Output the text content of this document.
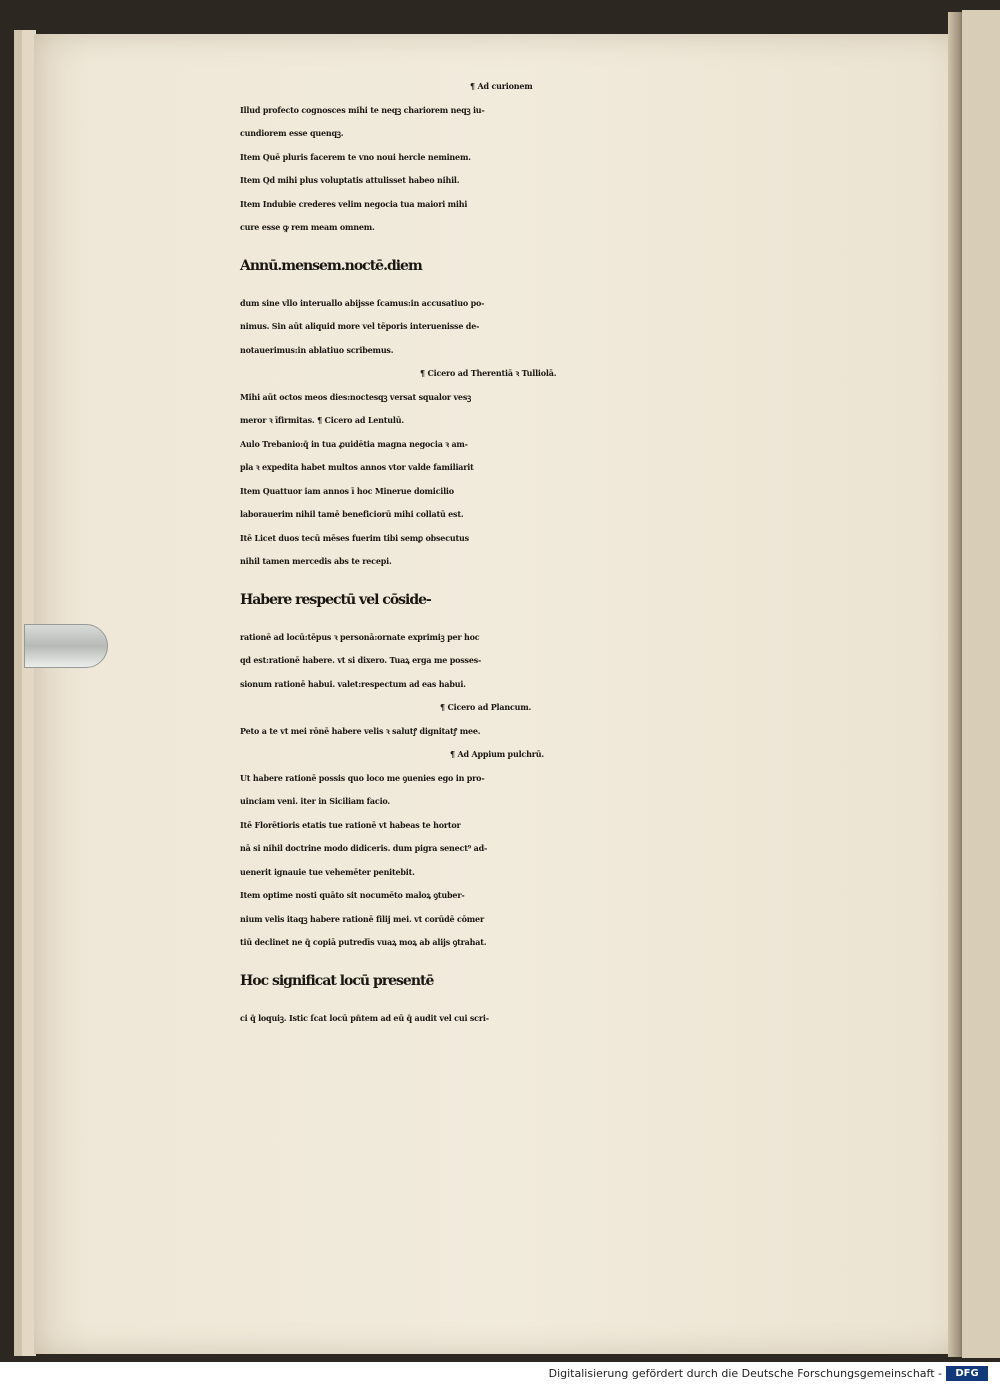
¶ Ad curionem
Illud profecto cognosces mihi te neqꝫ chariorem neqꝫ iu-
cundiorem esse quenqꝫ.
Item Quē pluris facerem te vno noui hercle neminem.
Item Qd mihi plus voluptatis attulisset habeo nihil.
Item Indubie crederes velim negocia tua maiori mihi
cure esse ꝙ rem meam omnem.
Annū.mensem.noctē.diem
dum sine vllo interuallo abijsse ſcamus:in accusatiuo po-
nimus. Sin aūt aliquid more vel tēporis interuenisse de-
notauerimus:in ablatiuo scribemus.
¶ Cicero ad Therentiā ꝛ Tulliolā.
Mihi aūt octos meos dies:noctesqꝫ versat squalor vesꝫ
meror ꝛ īfirmitas. ¶ Cicero ad Lentulū.
Aulo Trebanio:q̄ in tua ꝓuidētia magna negocia ꝛ am-
pla ꝛ expedita habet multos annos vtor valde familiarit
Item Quattuor iam annos ī hoc Minerue domicilio
laborauerim nihil tamē beneficiorū mihi collatū est.
Itē Licet duos tecū mēses fuerim tibi semꝑ obsecutus
nihil tamen mercedis abs te recepi.
Habere respectū vel cōside-
rationē ad locū:tēpus ꝛ personā:ornate exprimiꝫ per hoc
qd est:rationē habere. vt si dixero. Tuaꝝ erga me posses-
sionum rationē habui. valet:respectum ad eas habui.
¶ Cicero ad Plancum.
Peto a te vt mei rōnē habere velis ꝛ salutꝭ dignitatꝭ mee.
¶ Ad Appium pulchrū.
Ut habere rationē possis quo loco me ꝯuenies ego in pro-
uinciam veni. iter in Siciliam facio.
Itē Florētioris etatis tue rationē vt habeas te hortor
nā si nihil doctrine modo didiceris. dum pigra senect⁹ ad-
uenerit ignauie tue vehemēter penitebit.
Item optime nosti quāto sit nocumēto maloꝝ ꝯtuber-
nium velis itaqꝫ habere rationē filij mei. vt corūdē cōmer
tiū declinet ne q̄ copiā putredīs vuaꝝ moꝝ ab alijs ꝯtrahat.
Hoc significat locū presentē
ci q̄ loquiꝫ. Istic ſcat locū pn̄tem ad eū q̄ audit vel cui scri-
Digitalisierung gefördert durch die Deutsche Forschungsgemeinschaft -	DFG
